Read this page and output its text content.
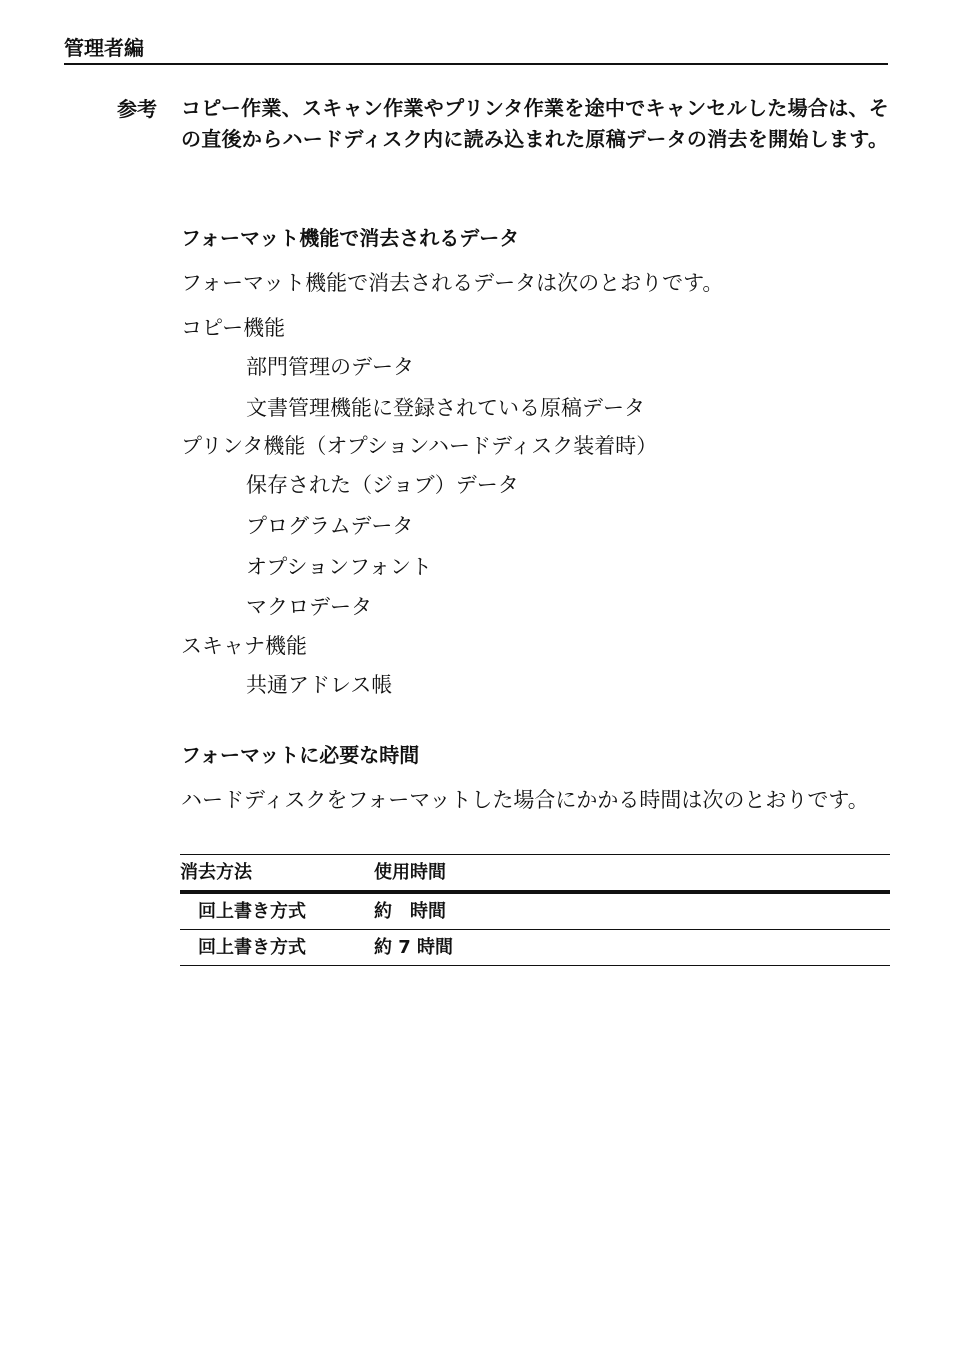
管理者編
参考 コピー作業、スキャン作業やプリンタ作業を途中でキャンセルした場合は、その直後からハードディスク内に読み込まれた原稿データの消去を開始します。
フォーマット機能で消去されるデータ
フォーマット機能で消去されるデータは次のとおりです。
コピー機能
部門管理のデータ
文書管理機能に登録されている原稿データ
プリンタ機能（オプションハードディスク装着時）
保存された（ジョブ）データ
プログラムデータ
オプションフォント
マクロデータ
スキャナ機能
共通アドレス帳
フォーマットに必要な時間
ハードディスクをフォーマットした場合にかかる時間は次のとおりです。
消去方法	使用時間
回上書き方式	約　時間
回上書き方式	約 7 時間
